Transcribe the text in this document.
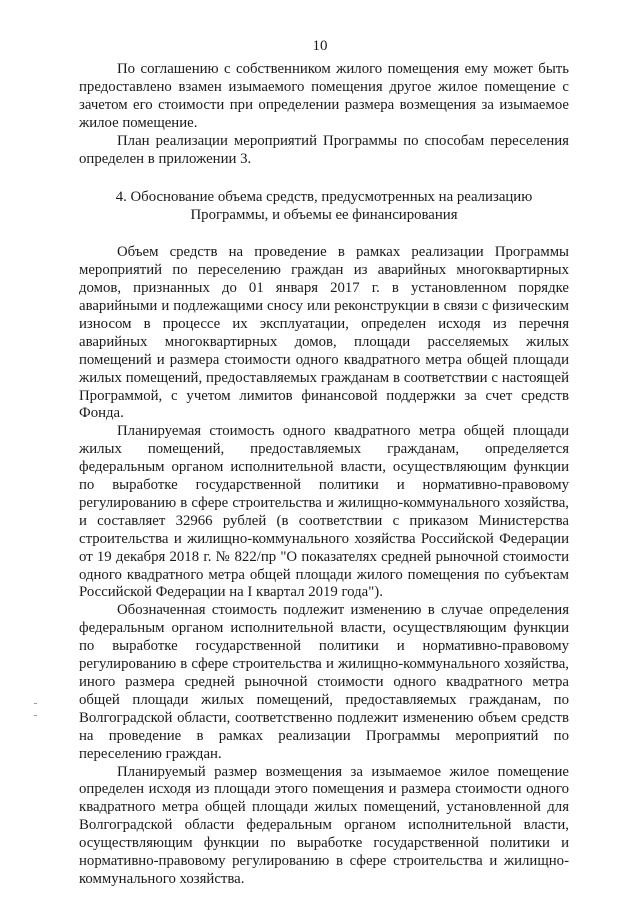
10

По соглашению с собственником жилого помещения ему может быть предоставлено взамен изымаемого помещения другое жилое помещение с зачетом его стоимости при определении размера возмещения за изымаемое жилое помещение.

План реализации мероприятий Программы по способам переселения определен в приложении 3.

4. Обоснование объема средств, предусмотренных на реализацию
Программы, и объемы ее финансирования

Объем средств на проведение в рамках реализации Программы мероприятий по переселению граждан из аварийных многоквартирных домов, признанных до 01 января 2017 г. в установленном порядке аварийными и подлежащими сносу или реконструкции в связи с физическим износом в процессе их эксплуатации, определен исходя из перечня аварийных многоквартирных домов, площади расселяемых жилых помещений и размера стоимости одного квадратного метра общей площади жилых помещений, предоставляемых гражданам в соответствии с настоящей Программой, с учетом лимитов финансовой поддержки за счет средств Фонда.

Планируемая стоимость одного квадратного метра общей площади жилых помещений, предоставляемых гражданам, определяется федеральным органом исполнительной власти, осуществляющим функции по выработке государственной политики и нормативно-правовому регулированию в сфере строительства и жилищно-коммунального хозяйства, и составляет 32966 рублей (в соответствии с приказом Министерства строительства и жилищно-коммунального хозяйства Российской Федерации от 19 декабря 2018 г. № 822/пр "О показателях средней рыночной стоимости одного квадратного метра общей площади жилого помещения по субъектам Российской Федерации на I квартал 2019 года").

Обозначенная стоимость подлежит изменению в случае определения федеральным органом исполнительной власти, осуществляющим функции по выработке государственной политики и нормативно-правовому регулированию в сфере строительства и жилищно-коммунального хозяйства, иного размера средней рыночной стоимости одного квадратного метра общей площади жилых помещений, предоставляемых гражданам, по Волгоградской области, соответственно подлежит изменению объем средств на проведение в рамках реализации Программы мероприятий по переселению граждан.

Планируемый размер возмещения за изымаемое жилое помещение определен исходя из площади этого помещения и размера стоимости одного квадратного метра общей площади жилых помещений, установленной для Волгоградской области федеральным органом исполнительной власти, осуществляющим функции по выработке государственной политики и нормативно-правовому регулированию в сфере строительства и жилищно-коммунального хозяйства.
